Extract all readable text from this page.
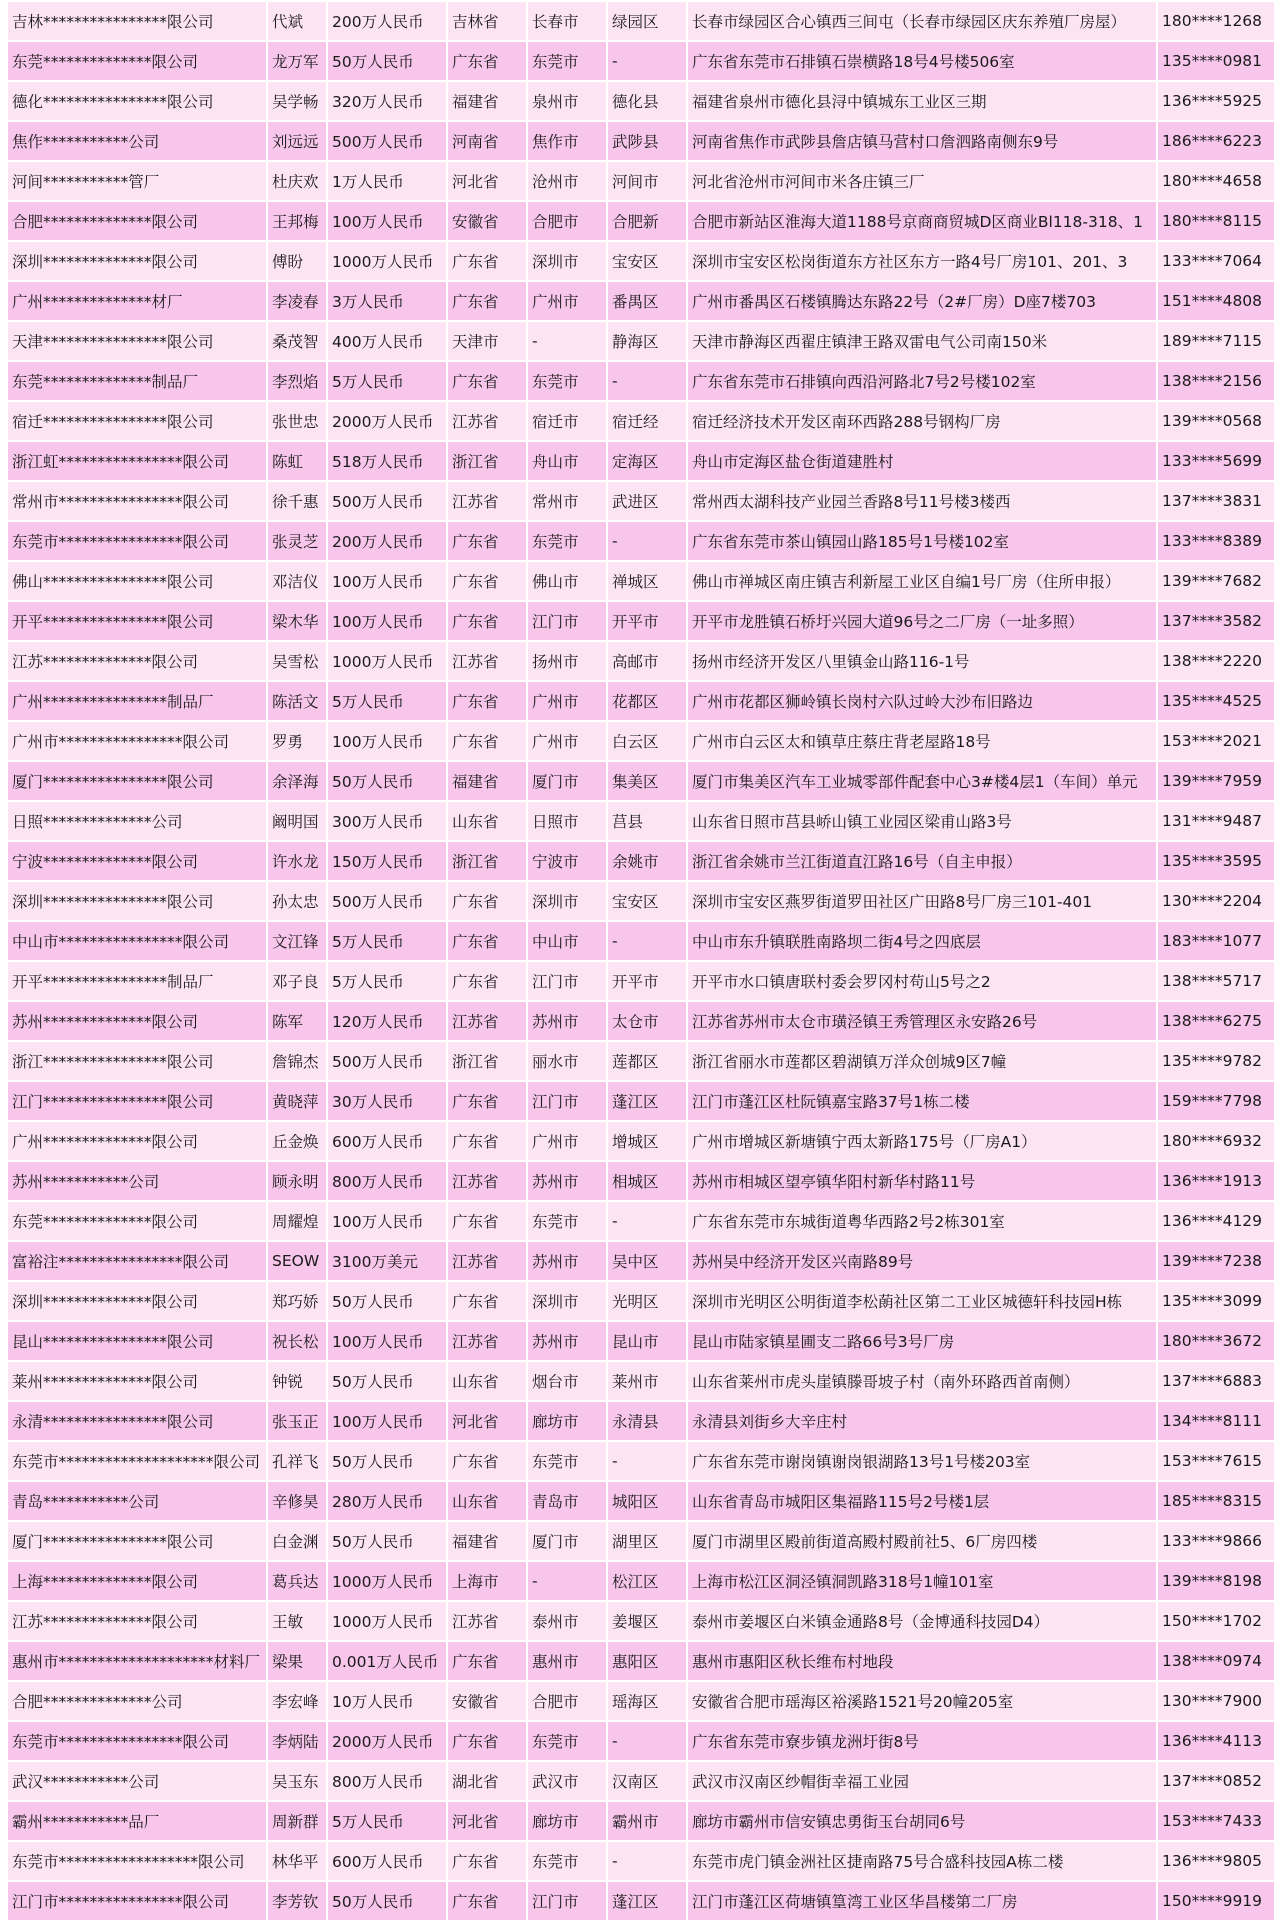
吉林****************限公司	代斌	200万人民币	吉林省	长春市	绿园区	长春市绿园区合心镇西三间屯（长春市绿园区庆东养殖厂房屋）	180****1268
东莞**************限公司	龙万军	50万人民币	广东省	东莞市	-	广东省东莞市石排镇石崇横路18号4号楼506室	135****0981
德化****************限公司	吴学畅	320万人民币	福建省	泉州市	德化县	福建省泉州市德化县浔中镇城东工业区三期	136****5925
焦作***********公司	刘远远	500万人民币	河南省	焦作市	武陟县	河南省焦作市武陟县詹店镇马营村口詹泗路南侧东9号	186****6223
河间***********管厂	杜庆欢	1万人民币	河北省	沧州市	河间市	河北省沧州市河间市米各庄镇三厂	180****4658
合肥**************限公司	王邦梅	100万人民币	安徽省	合肥市	合肥新	合肥市新站区淮海大道1188号京商商贸城D区商业Bl118-318、1	180****8115
深圳**************限公司	傅盼	1000万人民币	广东省	深圳市	宝安区	深圳市宝安区松岗街道东方社区东方一路4号厂房101、201、3	133****7064
广州**************材厂	李凌春	3万人民币	广东省	广州市	番禺区	广州市番禺区石楼镇腾达东路22号（2#厂房）D座7楼703	151****4808
天津****************限公司	桑茂智	400万人民币	天津市	-	静海区	天津市静海区西翟庄镇津王路双雷电气公司南150米	189****7115
东莞**************制品厂	李烈焰	5万人民币	广东省	东莞市	-	广东省东莞市石排镇向西沿河路北7号2号楼102室	138****2156
宿迁****************限公司	张世忠	2000万人民币	江苏省	宿迁市	宿迁经	宿迁经济技术开发区南环西路288号钢构厂房	139****0568
浙江虹****************限公司	陈虹	518万人民币	浙江省	舟山市	定海区	舟山市定海区盐仓街道建胜村	133****5699
常州市****************限公司	徐千惠	500万人民币	江苏省	常州市	武进区	常州西太湖科技产业园兰香路8号11号楼3楼西	137****3831
东莞市****************限公司	张灵芝	200万人民币	广东省	东莞市	-	广东省东莞市茶山镇园山路185号1号楼102室	133****8389
佛山****************限公司	邓洁仪	100万人民币	广东省	佛山市	禅城区	佛山市禅城区南庄镇吉利新屋工业区自编1号厂房（住所申报）	139****7682
开平****************限公司	梁木华	100万人民币	广东省	江门市	开平市	开平市龙胜镇石桥圩兴园大道96号之二厂房（一址多照）	137****3582
江苏**************限公司	吴雪松	1000万人民币	江苏省	扬州市	高邮市	扬州市经济开发区八里镇金山路116-1号	138****2220
广州****************制品厂	陈活文	5万人民币	广东省	广州市	花都区	广州市花都区狮岭镇长岗村六队过岭大沙布旧路边	135****4525
广州市****************限公司	罗勇	100万人民币	广东省	广州市	白云区	广州市白云区太和镇草庄蔡庄背老屋路18号	153****2021
厦门****************限公司	余泽海	50万人民币	福建省	厦门市	集美区	厦门市集美区汽车工业城零部件配套中心3#楼4层1（车间）单元	139****7959
日照**************公司	阚明国	300万人民币	山东省	日照市	莒县	山东省日照市莒县峤山镇工业园区梁甫山路3号	131****9487
宁波**************限公司	许水龙	150万人民币	浙江省	宁波市	余姚市	浙江省余姚市兰江街道直江路16号（自主申报）	135****3595
深圳****************限公司	孙太忠	500万人民币	广东省	深圳市	宝安区	深圳市宝安区燕罗街道罗田社区广田路8号厂房三101-401	130****2204
中山市****************限公司	文江锋	5万人民币	广东省	中山市	-	中山市东升镇联胜南路坝二街4号之四底层	183****1077
开平****************制品厂	邓子良	5万人民币	广东省	江门市	开平市	开平市水口镇唐联村委会罗冈村苟山5号之2	138****5717
苏州**************限公司	陈军	120万人民币	江苏省	苏州市	太仓市	江苏省苏州市太仓市璜泾镇王秀管理区永安路26号	138****6275
浙江****************限公司	詹锦杰	500万人民币	浙江省	丽水市	莲都区	浙江省丽水市莲都区碧湖镇万洋众创城9区7幢	135****9782
江门****************限公司	黄晓萍	30万人民币	广东省	江门市	蓬江区	江门市蓬江区杜阮镇嘉宝路37号1栋二楼	159****7798
广州**************限公司	丘金焕	600万人民币	广东省	广州市	增城区	广州市增城区新塘镇宁西太新路175号（厂房A1）	180****6932
苏州***********公司	顾永明	800万人民币	江苏省	苏州市	相城区	苏州市相城区望亭镇华阳村新华村路11号	136****1913
东莞**************限公司	周耀煌	100万人民币	广东省	东莞市	-	广东省东莞市东城街道粤华西路2号2栋301室	136****4129
富裕注****************限公司	SEOW	3100万美元	江苏省	苏州市	吴中区	苏州吴中经济开发区兴南路89号	139****7238
深圳**************限公司	郑巧娇	50万人民币	广东省	深圳市	光明区	深圳市光明区公明街道李松蓢社区第二工业区城德轩科技园H栋	135****3099
昆山****************限公司	祝长松	100万人民币	江苏省	苏州市	昆山市	昆山市陆家镇星圃支二路66号3号厂房	180****3672
莱州**************限公司	钟锐	50万人民币	山东省	烟台市	莱州市	山东省莱州市虎头崖镇滕哥坡子村（南外环路西首南侧）	137****6883
永清****************限公司	张玉正	100万人民币	河北省	廊坊市	永清县	永清县刘街乡大辛庄村	134****8111
东莞市********************限公司	孔祥飞	50万人民币	广东省	东莞市	-	广东省东莞市谢岗镇谢岗银湖路13号1号楼203室	153****7615
青岛***********公司	辛修昊	280万人民币	山东省	青岛市	城阳区	山东省青岛市城阳区集福路115号2号楼1层	185****8315
厦门****************限公司	白金渊	50万人民币	福建省	厦门市	湖里区	厦门市湖里区殿前街道高殿村殿前社5、6厂房四楼	133****9866
上海**************限公司	葛兵达	1000万人民币	上海市	-	松江区	上海市松江区洞泾镇洞凯路318号1幢101室	139****8198
江苏**************限公司	王敏	1000万人民币	江苏省	泰州市	姜堰区	泰州市姜堰区白米镇金通路8号（金博通科技园D4）	150****1702
惠州市********************材料厂	梁果	0.001万人民币	广东省	惠州市	惠阳区	惠州市惠阳区秋长维布村地段	138****0974
合肥**************公司	李宏峰	10万人民币	安徽省	合肥市	瑶海区	安徽省合肥市瑶海区裕溪路1521号20幢205室	130****7900
东莞市****************限公司	李炳陆	2000万人民币	广东省	东莞市	-	广东省东莞市寮步镇龙洲圩街8号	136****4113
武汉***********公司	吴玉东	800万人民币	湖北省	武汉市	汉南区	武汉市汉南区纱帽街幸福工业园	137****0852
霸州***********品厂	周新群	5万人民币	河北省	廊坊市	霸州市	廊坊市霸州市信安镇忠勇街玉台胡同6号	153****7433
东莞市******************限公司	林华平	600万人民币	广东省	东莞市	-	东莞市虎门镇金洲社区捷南路75号合盛科技园A栋二楼	136****9805
江门市****************限公司	李芳钦	50万人民币	广东省	江门市	蓬江区	江门市蓬江区荷塘镇篁湾工业区华昌楼第二厂房	150****9919
